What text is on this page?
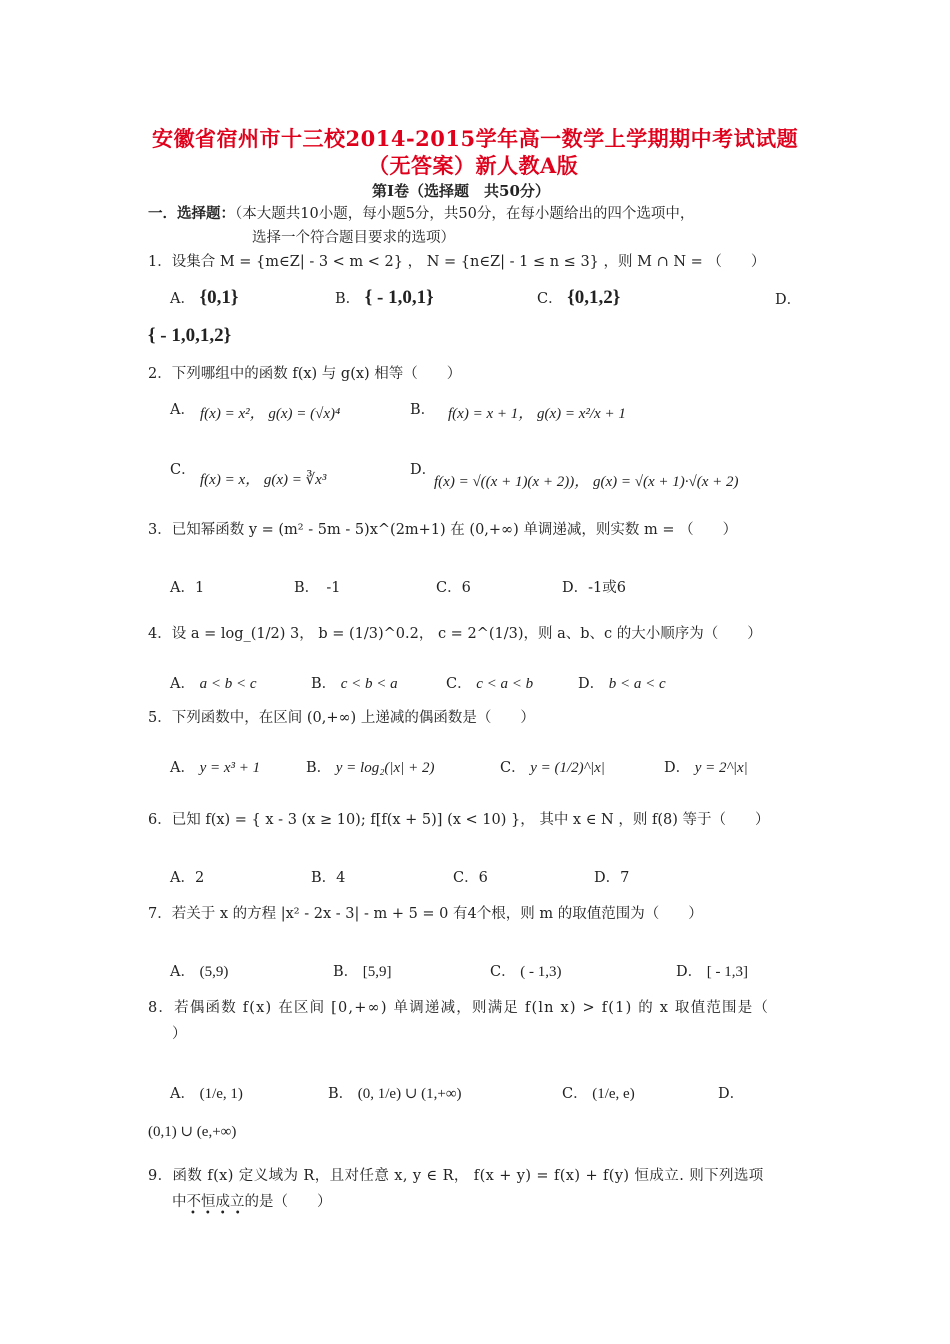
安徽省宿州市十三校2014-2015学年高一数学上学期期中考试试题
（无答案）新人教A版
第Ⅰ卷（选择题　共50分）
一．选择题：（本大题共10小题，每小题5分，共50分，在每小题给出的四个选项中，
选择一个符合题目要求的选项）
1．设集合 M = {m∈Z| - 3 < m < 2} ， N = {n∈Z| - 1 ≤ n ≤ 3} ，则 M ∩ N = （　　）
A． {0,1}	B． { - 1,0,1}	C． {0,1,2}	D．
{ - 1,0,1,2}
2．下列哪组中的函数 f(x) 与 g(x) 相等（　　）
A． f(x) = x²， g(x) = (√x)⁴	B． f(x) = x + 1， g(x) = x²/x + 1
C．
f(x) = x， g(x) = ∛x³
D．
f(x) = √((x + 1)(x + 2))， g(x) = √(x + 1)·√(x + 2)
3．已知幂函数 y = (m² - 5m - 5)x^(2m+1) 在 (0,+∞) 单调递减，则实数 m = （　　）
A．1	B．　-1	C．6	D．-1或6
4．设 a = log_(1/2) 3， b = (1/3)^0.2， c = 2^(1/3)，则 a、b、c 的大小顺序为（　　）
A． a < b < c	B． c < b < a	C． c < a < b	D． b < a < c
5．下列函数中，在区间 (0,+∞) 上递减的偶函数是（　　）
A． y = x³ + 1	B． y = log₂(|x| + 2)	C． y = (1/2)^|x|	D． y = 2^|x|
6．已知 f(x) = { x - 3 (x ≥ 10); f[f(x + 5)] (x < 10) }， 其中 x ∈ N ，则 f(8) 等于（　　）
A．2	B．4	C．6	D．7
7．若关于 x 的方程 |x² - 2x - 3| - m + 5 = 0 有4个根，则 m 的取值范围为（　　）
A． (5,9)	B． [5,9]	C． ( - 1,3)	D． [ - 1,3]
8．若偶函数 f(x) 在区间 [0,+∞) 单调递减，则满足 f(ln x) > f(1) 的 x 取值范围是（
）
A． (1/e, 1)	B． (0, 1/e) ∪ (1,+∞)	C． (1/e, e)	D．
(0,1) ∪ (e,+∞)
9．函数 f(x) 定义域为 R，且对任意 x, y ∈ R， f(x + y) = f(x) + f(y) 恒成立. 则下列选项
中不恒成立的是（　　）
••••
